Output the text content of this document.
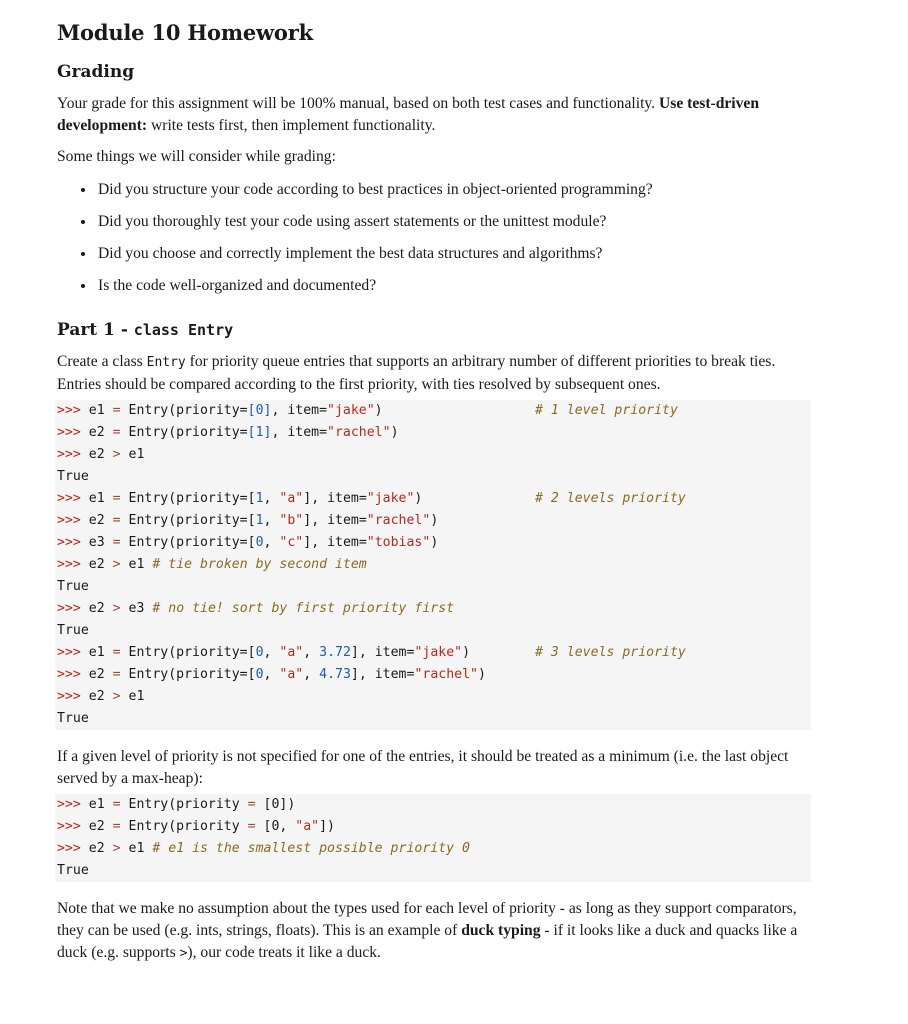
Module 10 Homework
Grading

Your grade for this assignment will be 100% manual, based on both test cases and functionality. Use test-driven development: write tests first, then implement functionality.

Some things we will consider while grading:

• Did you structure your code according to best practices in object-oriented programming?
• Did you thoroughly test your code using assert statements or the unittest module?
• Did you choose and correctly implement the best data structures and algorithms?
• Is the code well-organized and documented?
Part 1 - class Entry

Create a class Entry for priority queue entries that supports an arbitrary number of different priorities to break ties. Entries should be compared according to the first priority, with ties resolved by subsequent ones.

>>> e1 = Entry(priority=[0], item="jake")	# 1 level priority
>>> e2 = Entry(priority=[1], item="rachel")
>>> e2 > e1
True
>>> e1 = Entry(priority=[1, "a"], item="jake")	# 2 levels priority
>>> e2 = Entry(priority=[1, "b"], item="rachel")
>>> e3 = Entry(priority=[0, "c"], item="tobias")
>>> e2 > e1 # tie broken by second item
True
>>> e2 > e3 # no tie! sort by first priority first
True
>>> e1 = Entry(priority=[0, "a", 3.72], item="jake")	# 3 levels priority
>>> e2 = Entry(priority=[0, "a", 4.73], item="rachel")
>>> e2 > e1
True

If a given level of priority is not specified for one of the entries, it should be treated as a minimum (i.e. the last object served by a max-heap):

>>> e1 = Entry(priority = [0])
>>> e2 = Entry(priority = [0, "a"])
>>> e2 > e1 # e1 is the smallest possible priority 0
True

Note that we make no assumption about the types used for each level of priority - as long as they support comparators, they can be used (e.g. ints, strings, floats). This is an example of duck typing - if it looks like a duck and quacks like a duck (e.g. supports >), our code treats it like a duck.
